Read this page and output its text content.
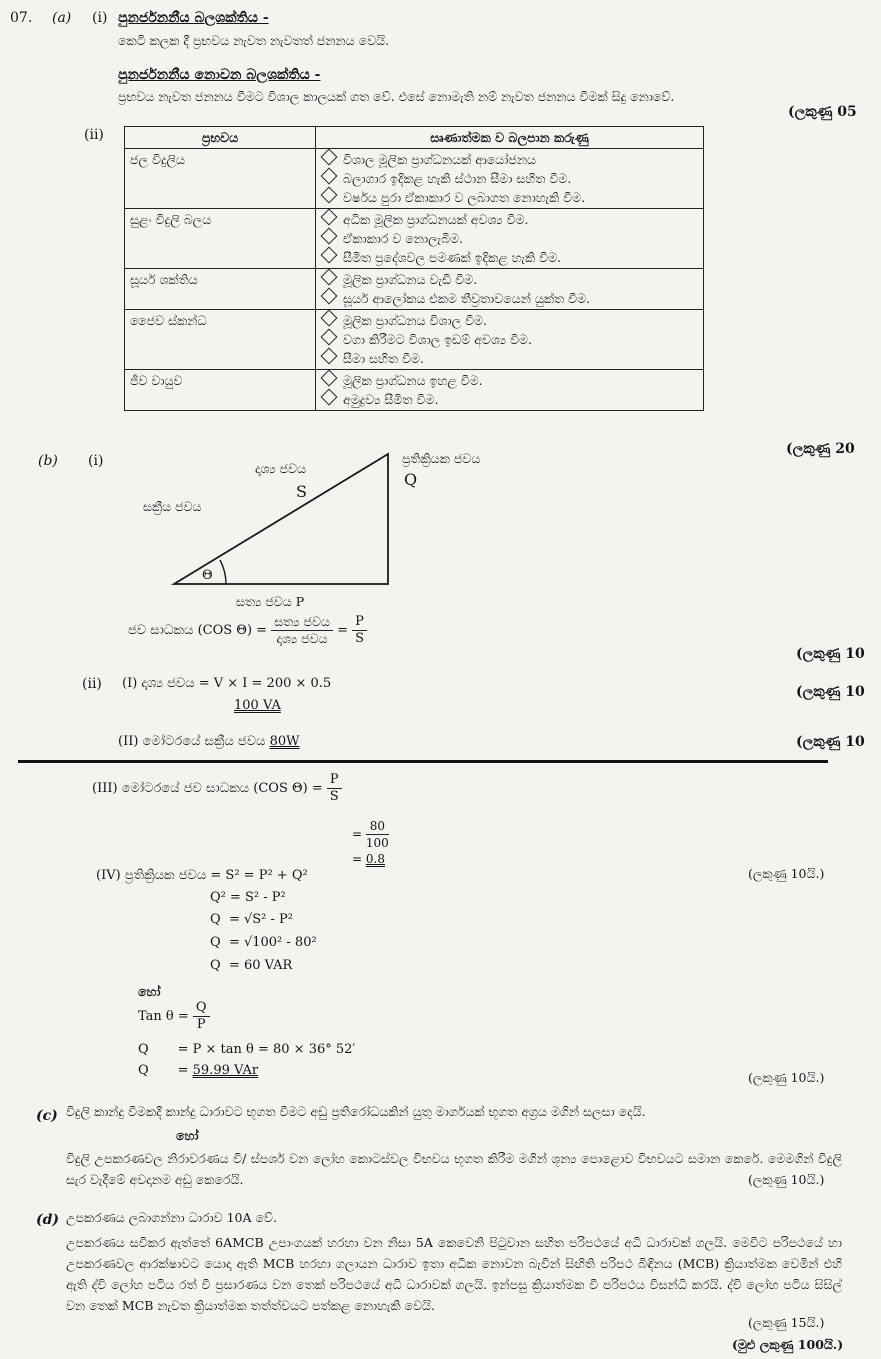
07. (a) (i) පුනර්ජනනීය බලශක්තිය -
කෙටි කලක දී ප්‍රභවය නැවත නැවතත් ජනනය වෙයි.
පුනර්ජනනීය නොවන බලශක්තිය -
ප්‍රභවය නැවත ජනනය වීමට විශාල කාලයක් ගත වේ. එසේ නොමැති නම් නැවත ජනනය වීමක් සිදු නොවේ.
(ලකුණු 05
(ii)	ප්‍රභවය	සෘණාත්මක ව බලපාන කරුණු
ජල විදුලිය	විශාල මූලික ප්‍රාග්ධනයක් ආයෝජනය
බලාගාර ඉදිකළ හැකි ස්ථාන සීමා සහිත වීම.
වර්ෂය පුරා ඒකාකාර ව ලබාගත නොහැකි වීම.

සුළං විදුලි බලය	අධික මූලික ප්‍රාග්ධනයක් අවශ්‍ය වීම.
ඒකාකාර ව නොලැබීම.
සීමිත ප්‍රදේශවල පමණක් ඉදිකළ හැකි වීම.

සූර්ය ශක්තිය	මූලික ප්‍රාග්ධනය වැඩි වීම.
සූර්ය ආලෝකය එකම තීව්‍රතාවයෙන් යුක්ත වීම.

ජෛව ස්කන්ධ	මූලික ප්‍රාග්ධනය විශාල වීම.
වගා කිරීමට විශාල ඉඩම් අවශ්‍ය වීම.
සීමා සහිත වීම.

ජීව වායුව	මූලික ප්‍රාග්ධනය ඉහළ වීම.
අමුද්‍රව්‍ය සීමිත වීම.
(ලකුණු 20
(b) (i)	දෘශ්‍ය ජවය
S
ප්‍රතික්‍රියක ජවය
Q
සක්‍රීය ජවය
Θ
සත්‍ය ජවය P
ජව සාධකය (COS $\Theta) = \frac{\text{සත්‍ය ජවය}}{\text{දෘශ්‍ය ජවය}} = \frac{P}{S}$
(ලකුණු 10
(ii) (I) දෘශ්‍ය ජවය = V × I = 200 × 0.5
100 VA
(ලකුණු 10
(II) මෝටරයේ සක්‍රීය ජවය 80W	(ලකුණු 10
(III) මෝටරයේ ජව සාධකය (COS $\Theta) = \frac{P}{S}$
= $\frac{80}{100}$
= 0.8
(IV) ප්‍රතික්‍රියක ජවය = S² = P² + Q²	(ලකුණු 10යි.)
Q² = S² - P²
Q = √S² - P²
Q = √100² - 80²
Q = 60 VAR
හෝ
Tan $\theta = \frac{Q}{P}$
Q = P × tan θ = 80 × 36° 52′
Q = 59.99 VAr	(ලකුණු 10යි.)
(c) විදුලි කාන්දු වීමකදී කාන්දු ධාරාවට භූගත වීමට අඩු ප්‍රතිරෝධයකින් යුතු මාර්ගයක් භූගත අග්‍රය මගින් සලසා දෙයි.
හෝ
විදුලි උපකරණවල නිරාවරණය වී/ ස්පර්ශ වන ලෝහ කොටස්වල විභවය භූගත කිරීම මගින් ශූන්‍ය පොළොව විභවයට සමාන කෙරේ. මෙමගින් විදුලි සැර වැදීමේ අවදානම අඩු කෙරෙයි.	(ලකුණු 10යි.)
(d) උපකරණය ලබාගන්නා ධාරාව 10A වේ.
උපකරණය සවිකර ඇත්තේ 6AMCB උපාංගයක් හරහා වන නිසා 5A කෙවෙනි පිටුවාන සහිත පරිපථයේ අධි ධාරාවක් ගලයි. මෙවිට පරිපථයේ හා උපකරණවල ආරක්ෂාවට යොදා ඇති MCB හරහා ගලායන ධාරාව ඉතා අධික නොවන බැවින් සිඟිති පරිපථ බිඳිනය (MCB) ක්‍රියාත්මක වෙමින් එහි ඇති ද්වි ලෝහ පටිය රත් වී ප්‍රසාරණය වන තෙක් පරිපථයේ අධි ධාරාවක් ගලයි. ඉන්පසු ක්‍රියාත්මක වී පරිපථය විසන්ධි කරයි. ද්වි ලෝහ පටිය සිසිල් වන තෙක් MCB නැවත ක්‍රියාත්මක තත්ත්වයට පත්කළ නොහැකි වෙයි.
(ලකුණු 15යි.)
(මුළු ලකුණු 100යි.)
